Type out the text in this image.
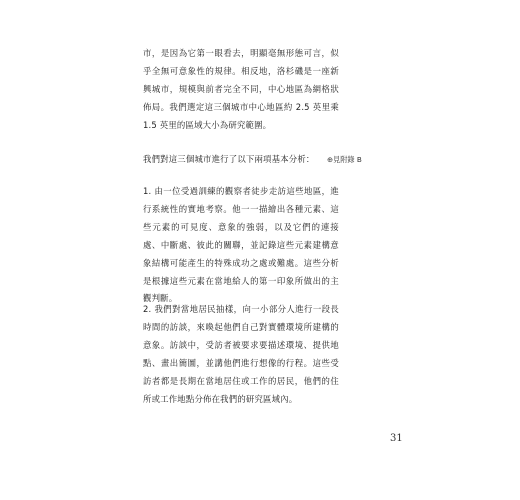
市，是因為它第一眼看去，明顯毫無形態可言，似乎全無可意象性的規律。相反地，洛杉磯是一座新興城市，規模與前者完全不同，中心地區為網格狀佈局。我們選定這三個城市中心地區約 2.5 英里乘 1.5 英里的區域大小為研究範圍。

我們對這三個城市進行了以下兩項基本分析：	⊕見附錄 B

1. 由一位受過訓練的觀察者徒步走訪這些地區，進行系統性的實地考察。他一一描繪出各種元素、這些元素的可見度、意象的強弱，以及它們的連接處、中斷處、彼此的關聯，並記錄這些元素建構意象結構可能產生的特殊成功之處或難處。這些分析是根據這些元素在當地給人的第一印象所做出的主觀判斷。

2. 我們對當地居民抽樣，向一小部分人進行一段長時間的訪談，來喚起他們自己對實體環境所建構的意象。訪談中，受訪者被要求要描述環境、提供地點、畫出簡圖，並講他們進行想像的行程。這些受訪者都是長期在當地居住或工作的居民，他們的住所或工作地點分佈在我們的研究區域內。

31
